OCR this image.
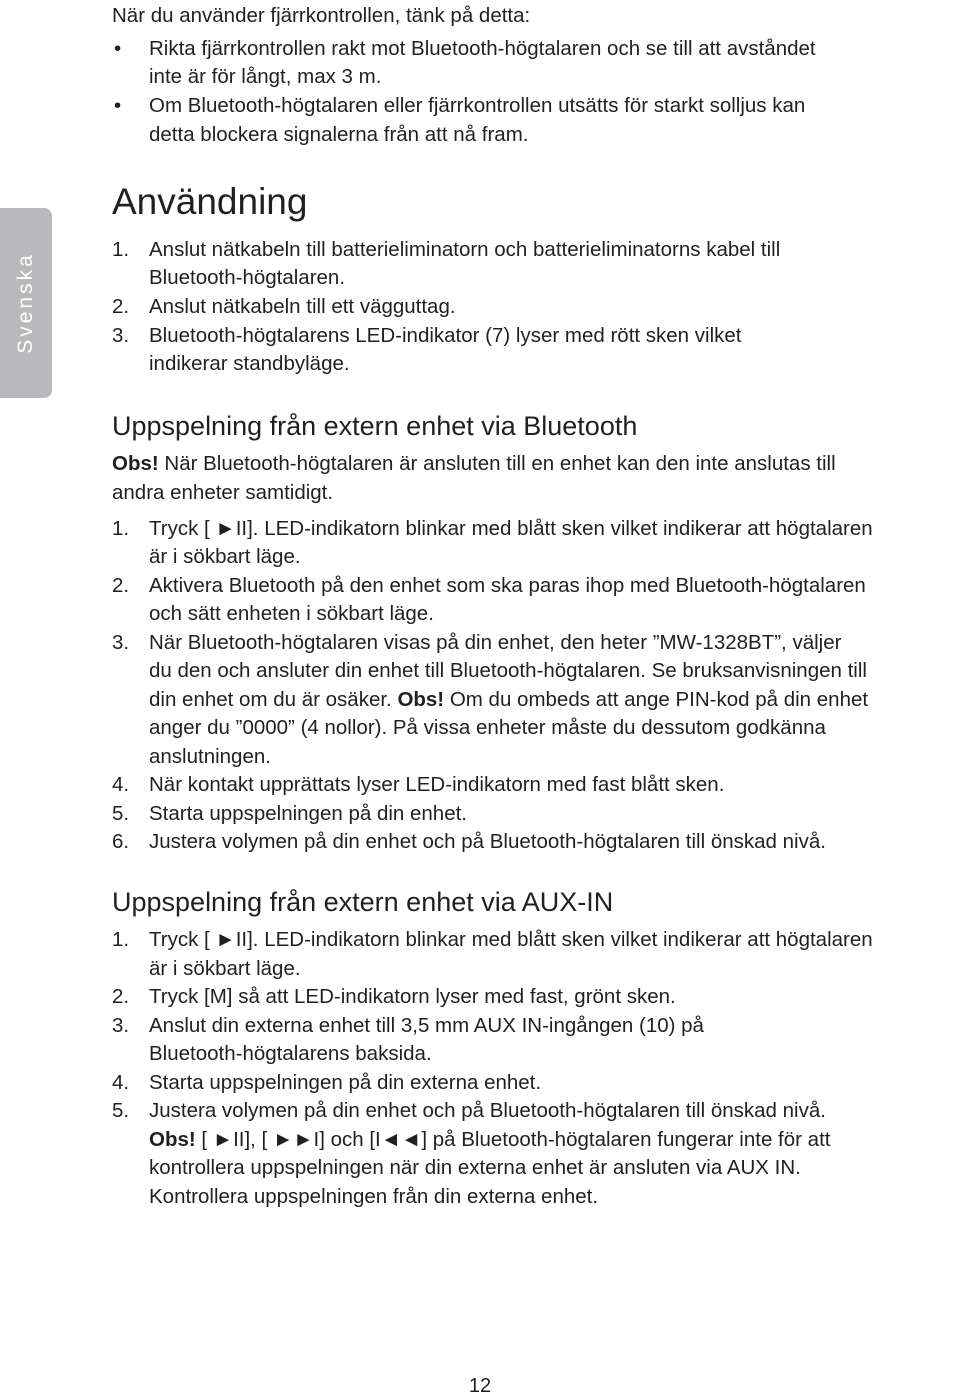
Svenska
När du använder fjärrkontrollen, tänk på detta:
• Rikta fjärrkontrollen rakt mot Bluetooth-högtalaren och se till att avståndet
inte är för långt, max 3 m.
• Om Bluetooth-högtalaren eller fjärrkontrollen utsätts för starkt solljus kan
detta blockera signalerna från att nå fram.
Användning
1. Anslut nätkabeln till batterieliminatorn och batterieliminatorns kabel till
Bluetooth-högtalaren.
2. Anslut nätkabeln till ett vägguttag.
3. Bluetooth-högtalarens LED-indikator (7) lyser med rött sken vilket
indikerar standbyläge.
Uppspelning från extern enhet via Bluetooth
Obs! När Bluetooth-högtalaren är ansluten till en enhet kan den inte anslutas till
andra enheter samtidigt.
1. Tryck [ ►II]. LED-indikatorn blinkar med blått sken vilket indikerar att högtalaren
är i sökbart läge.
2. Aktivera Bluetooth på den enhet som ska paras ihop med Bluetooth-högtalaren
och sätt enheten i sökbart läge.
3. När Bluetooth-högtalaren visas på din enhet, den heter ”MW-1328BT”, väljer
du den och ansluter din enhet till Bluetooth-högtalaren. Se bruksanvisningen till
din enhet om du är osäker. Obs! Om du ombeds att ange PIN-kod på din enhet
anger du ”0000” (4 nollor). På vissa enheter måste du dessutom godkänna
anslutningen.
4. När kontakt upprättats lyser LED-indikatorn med fast blått sken.
5. Starta uppspelningen på din enhet.
6. Justera volymen på din enhet och på Bluetooth-högtalaren till önskad nivå.
Uppspelning från extern enhet via AUX-IN
1. Tryck [ ►II]. LED-indikatorn blinkar med blått sken vilket indikerar att högtalaren
är i sökbart läge.
2. Tryck [M] så att LED-indikatorn lyser med fast, grönt sken.
3. Anslut din externa enhet till 3,5 mm AUX IN-ingången (10) på
Bluetooth-högtalarens baksida.
4. Starta uppspelningen på din externa enhet.
5. Justera volymen på din enhet och på Bluetooth-högtalaren till önskad nivå.
Obs! [ ►II], [ ►►I] och [I◄◄] på Bluetooth-högtalaren fungerar inte för att
kontrollera uppspelningen när din externa enhet är ansluten via AUX IN.
Kontrollera uppspelningen från din externa enhet.
12
